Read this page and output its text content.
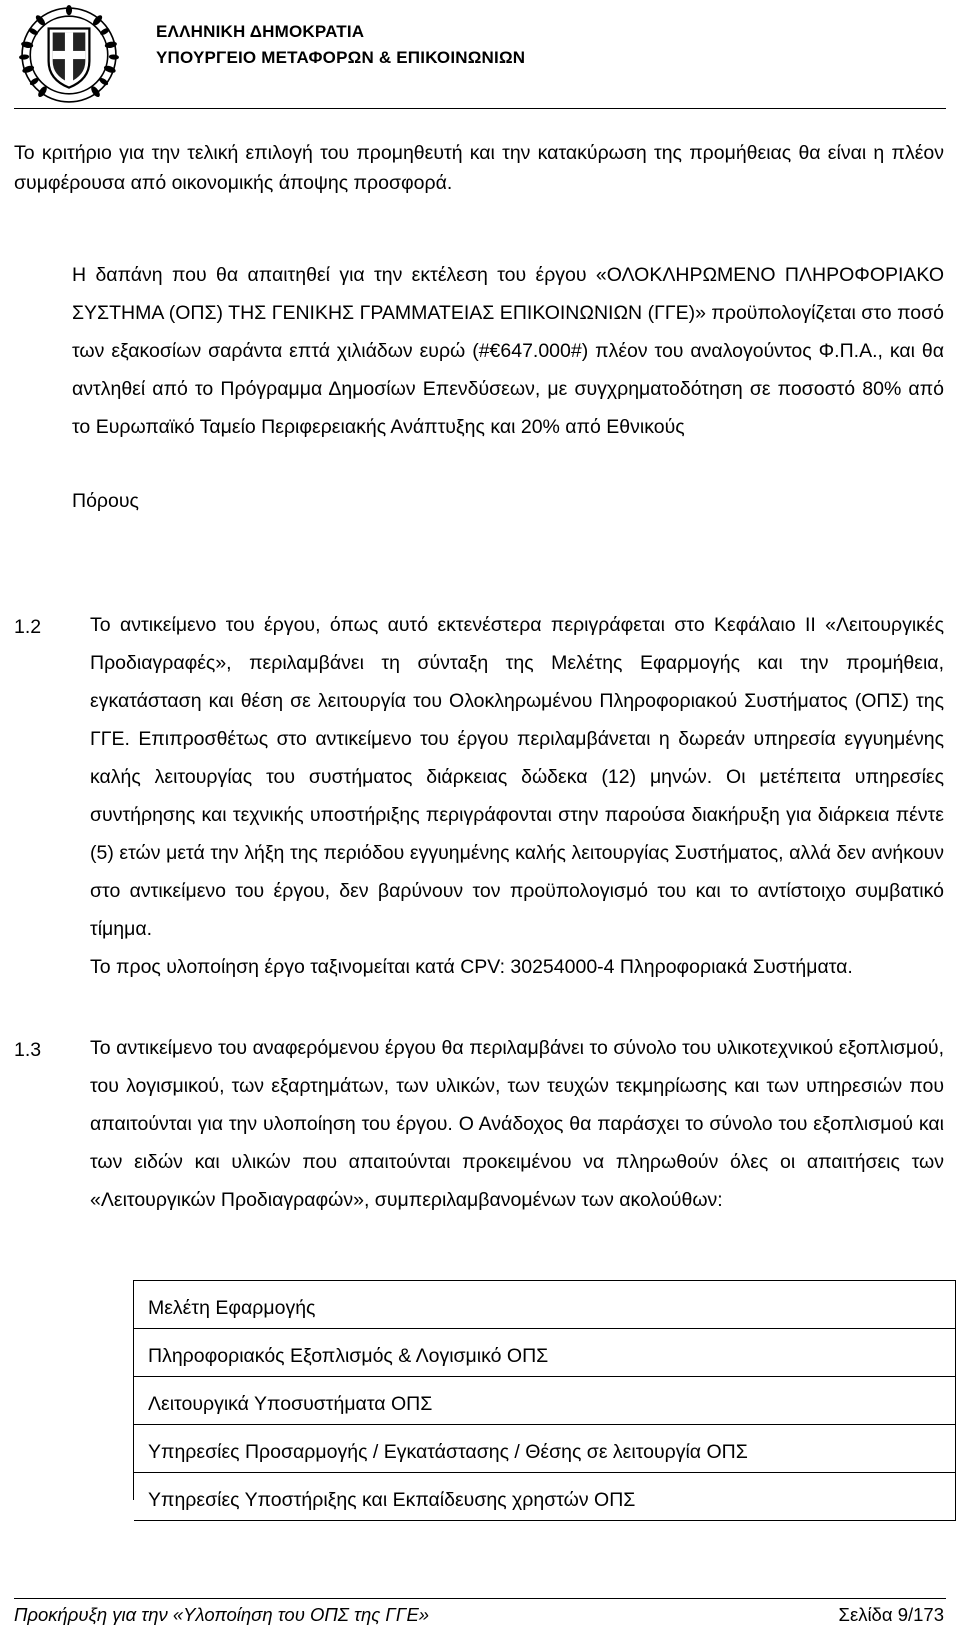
ΕΛΛΗΝΙΚΗ ΔΗΜΟΚΡΑΤΙΑ
ΥΠΟΥΡΓΕΙΟ ΜΕΤΑΦΟΡΩΝ & ΕΠΙΚΟΙΝΩΝΙΩΝ
Το κριτήριο για την τελική επιλογή του προμηθευτή και την κατακύρωση της προμήθειας θα είναι η πλέον συμφέρουσα από οικονομικής άποψης προσφορά.
Η δαπάνη που θα απαιτηθεί για την εκτέλεση του έργου «ΟΛΟΚΛΗΡΩΜΕΝΟ ΠΛΗΡΟΦΟΡΙΑΚΟ ΣΥΣΤΗΜΑ (ΟΠΣ) ΤΗΣ ΓΕΝΙΚΗΣ ΓΡΑΜΜΑΤΕΙΑΣ ΕΠΙΚΟΙΝΩΝΙΩΝ (ΓΓΕ)» προϋπολογίζεται στο ποσό των εξακοσίων σαράντα επτά χιλιάδων ευρώ (#€647.000#) πλέον του αναλογούντος Φ.Π.Α., και θα αντληθεί από το Πρόγραμμα Δημοσίων Επενδύσεων, με συγχρηματοδότηση σε ποσοστό 80% από το Ευρωπαϊκό Ταμείο Περιφερειακής Ανάπτυξης και 20% από Εθνικούς
Πόρους
1.2	Το αντικείμενο του έργου, όπως αυτό εκτενέστερα περιγράφεται στο Κεφάλαιο ΙΙ «Λειτουργικές Προδιαγραφές», περιλαμβάνει τη σύνταξη της Μελέτης Εφαρμογής και την προμήθεια, εγκατάσταση και θέση σε λειτουργία του Ολοκληρωμένου Πληροφοριακού Συστήματος (ΟΠΣ) της ΓΓΕ. Επιπροσθέτως στο αντικείμενο του έργου περιλαμβάνεται η δωρεάν υπηρεσία εγγυημένης καλής λειτουργίας του συστήματος διάρκειας δώδεκα (12) μηνών. Οι μετέπειτα υπηρεσίες συντήρησης και τεχνικής υποστήριξης περιγράφονται στην παρούσα διακήρυξη για διάρκεια πέντε (5) ετών μετά την λήξη της περιόδου εγγυημένης καλής λειτουργίας Συστήματος, αλλά δεν ανήκουν στο αντικείμενο του έργου, δεν βαρύνουν τον προϋπολογισμό του και το αντίστοιχο συμβατικό τίμημα.
Το προς υλοποίηση έργο ταξινομείται κατά CPV: 30254000-4 Πληροφοριακά Συστήματα.
1.3	Το αντικείμενο του αναφερόμενου έργου θα περιλαμβάνει το σύνολο του υλικοτεχνικού εξοπλισμού, του λογισμικού, των εξαρτημάτων, των υλικών, των τευχών τεκμηρίωσης και των υπηρεσιών που απαιτούνται για την υλοποίηση του έργου. Ο Ανάδοχος θα παράσχει το σύνολο του εξοπλισμού και των ειδών και υλικών που απαιτούνται προκειμένου να πληρωθούν όλες οι απαιτήσεις των «Λειτουργικών Προδιαγραφών», συμπεριλαμβανομένων των ακολούθων:
Μελέτη Εφαρμογής
Πληροφοριακός Εξοπλισμός & Λογισμικό ΟΠΣ
Λειτουργικά Υποσυστήματα ΟΠΣ
Υπηρεσίες Προσαρμογής / Εγκατάστασης / Θέσης σε λειτουργία ΟΠΣ
Υπηρεσίες Υποστήριξης και Εκπαίδευσης χρηστών ΟΠΣ
Προκήρυξη για την «Υλοποίηση του ΟΠΣ της ΓΓΕ»	Σελίδα 9/173
